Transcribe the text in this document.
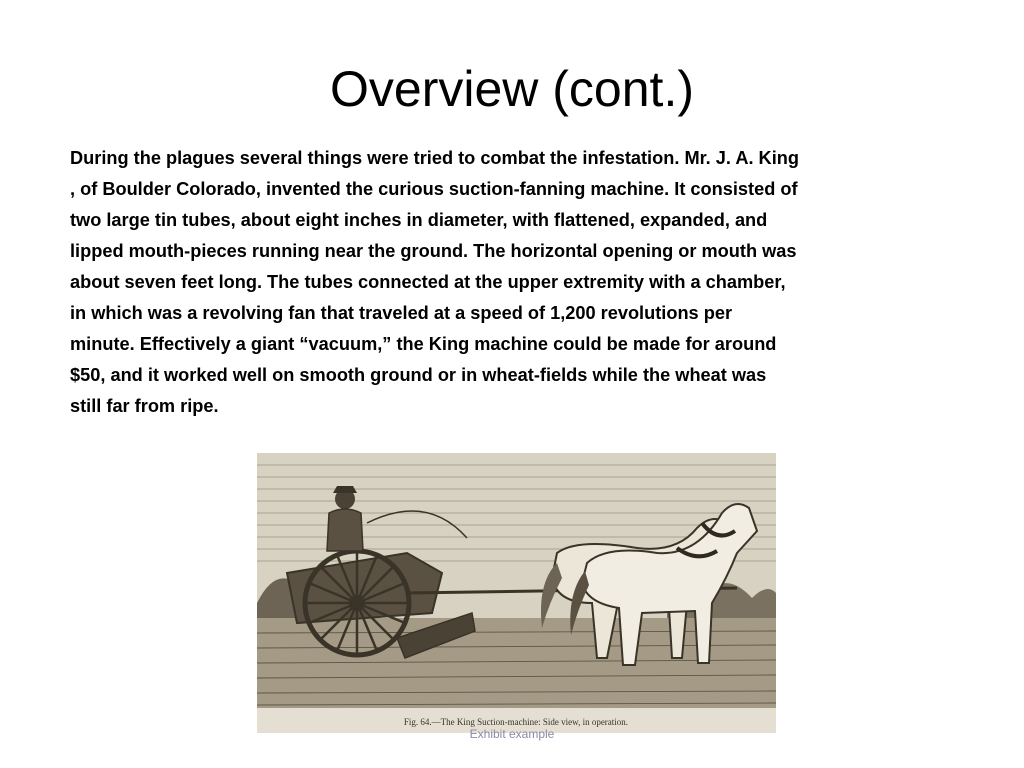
Overview (cont.)

During the plagues several things were tried to combat the infestation. Mr. J. A. King
, of Boulder Colorado, invented the curious suction-fanning machine. It consisted of
two large tin tubes, about eight inches in diameter, with flattened, expanded, and
lipped mouth-pieces running near the ground. The horizontal opening or mouth was
about seven feet long. The tubes connected at the upper extremity with a chamber,
in which was a revolving fan that traveled at a speed of 1,200 revolutions per
minute. Effectively a giant “vacuum,” the King machine could be made for around
$50, and it worked well on smooth ground or in wheat-fields while the wheat was
still far from ripe.

Fig. 64.—The King Suction-machine: Side view, in operation.
Exhibit example
